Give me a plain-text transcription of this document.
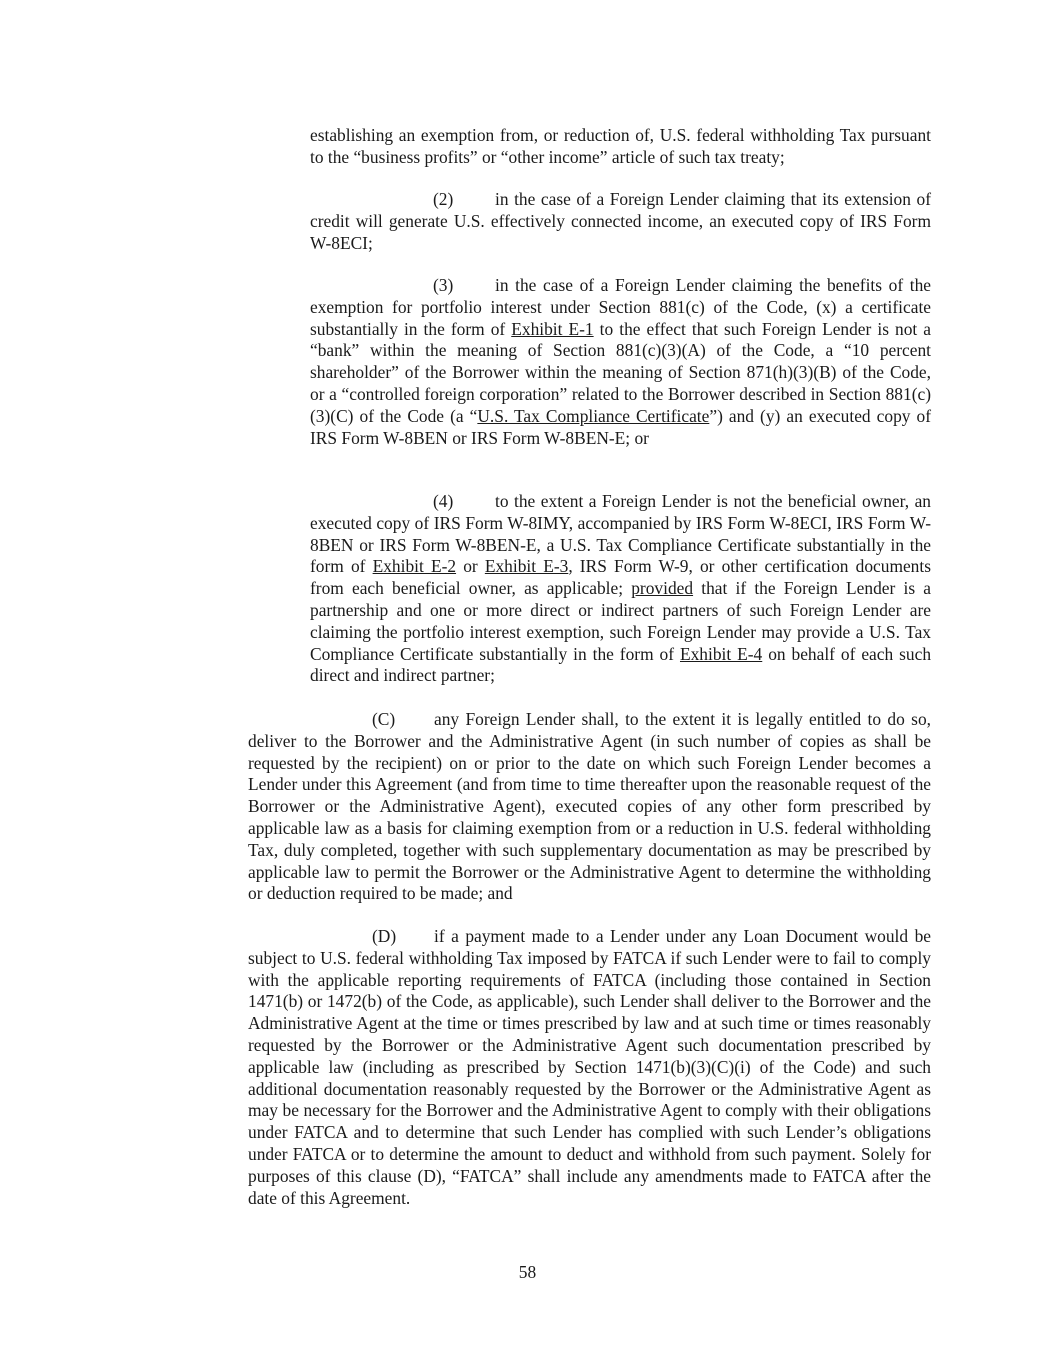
establishing an exemption from, or reduction of, U.S. federal withholding Tax pursuant to the “business profits” or “other income” article of such tax treaty;

(2) in the case of a Foreign Lender claiming that its extension of credit will generate U.S. effectively connected income, an executed copy of IRS Form W-8ECI;

(3) in the case of a Foreign Lender claiming the benefits of the exemption for portfolio interest under Section 881(c) of the Code, (x) a certificate substantially in the form of Exhibit E-1 to the effect that such Foreign Lender is not a “bank” within the meaning of Section 881(c)(3)(A) of the Code, a “10 percent shareholder” of the Borrower within the meaning of Section 871(h)(3)(B) of the Code, or a “controlled foreign corporation” related to the Borrower described in Section 881(c)(3)(C) of the Code (a “U.S. Tax Compliance Certificate”) and (y) an executed copy of IRS Form W-8BEN or IRS Form W-8BEN-E; or

(4) to the extent a Foreign Lender is not the beneficial owner, an executed copy of IRS Form W-8IMY, accompanied by IRS Form W-8ECI, IRS Form W-8BEN or IRS Form W-8BEN-E, a U.S. Tax Compliance Certificate substantially in the form of Exhibit E-2 or Exhibit E-3, IRS Form W-9, or other certification documents from each beneficial owner, as applicable; provided that if the Foreign Lender is a partnership and one or more direct or indirect partners of such Foreign Lender are claiming the portfolio interest exemption, such Foreign Lender may provide a U.S. Tax Compliance Certificate substantially in the form of Exhibit E-4 on behalf of each such direct and indirect partner;

(C) any Foreign Lender shall, to the extent it is legally entitled to do so, deliver to the Borrower and the Administrative Agent (in such number of copies as shall be requested by the recipient) on or prior to the date on which such Foreign Lender becomes a Lender under this Agreement (and from time to time thereafter upon the reasonable request of the Borrower or the Administrative Agent), executed copies of any other form prescribed by applicable law as a basis for claiming exemption from or a reduction in U.S. federal withholding Tax, duly completed, together with such supplementary documentation as may be prescribed by applicable law to permit the Borrower or the Administrative Agent to determine the withholding or deduction required to be made; and

(D) if a payment made to a Lender under any Loan Document would be subject to U.S. federal withholding Tax imposed by FATCA if such Lender were to fail to comply with the applicable reporting requirements of FATCA (including those contained in Section 1471(b) or 1472(b) of the Code, as applicable), such Lender shall deliver to the Borrower and the Administrative Agent at the time or times prescribed by law and at such time or times reasonably requested by the Borrower or the Administrative Agent such documentation prescribed by applicable law (including as prescribed by Section 1471(b)(3)(C)(i) of the Code) and such additional documentation reasonably requested by the Borrower or the Administrative Agent as may be necessary for the Borrower and the Administrative Agent to comply with their obligations under FATCA and to determine that such Lender has complied with such Lender’s obligations under FATCA or to determine the amount to deduct and withhold from such payment. Solely for purposes of this clause (D), “FATCA” shall include any amendments made to FATCA after the date of this Agreement.

58
